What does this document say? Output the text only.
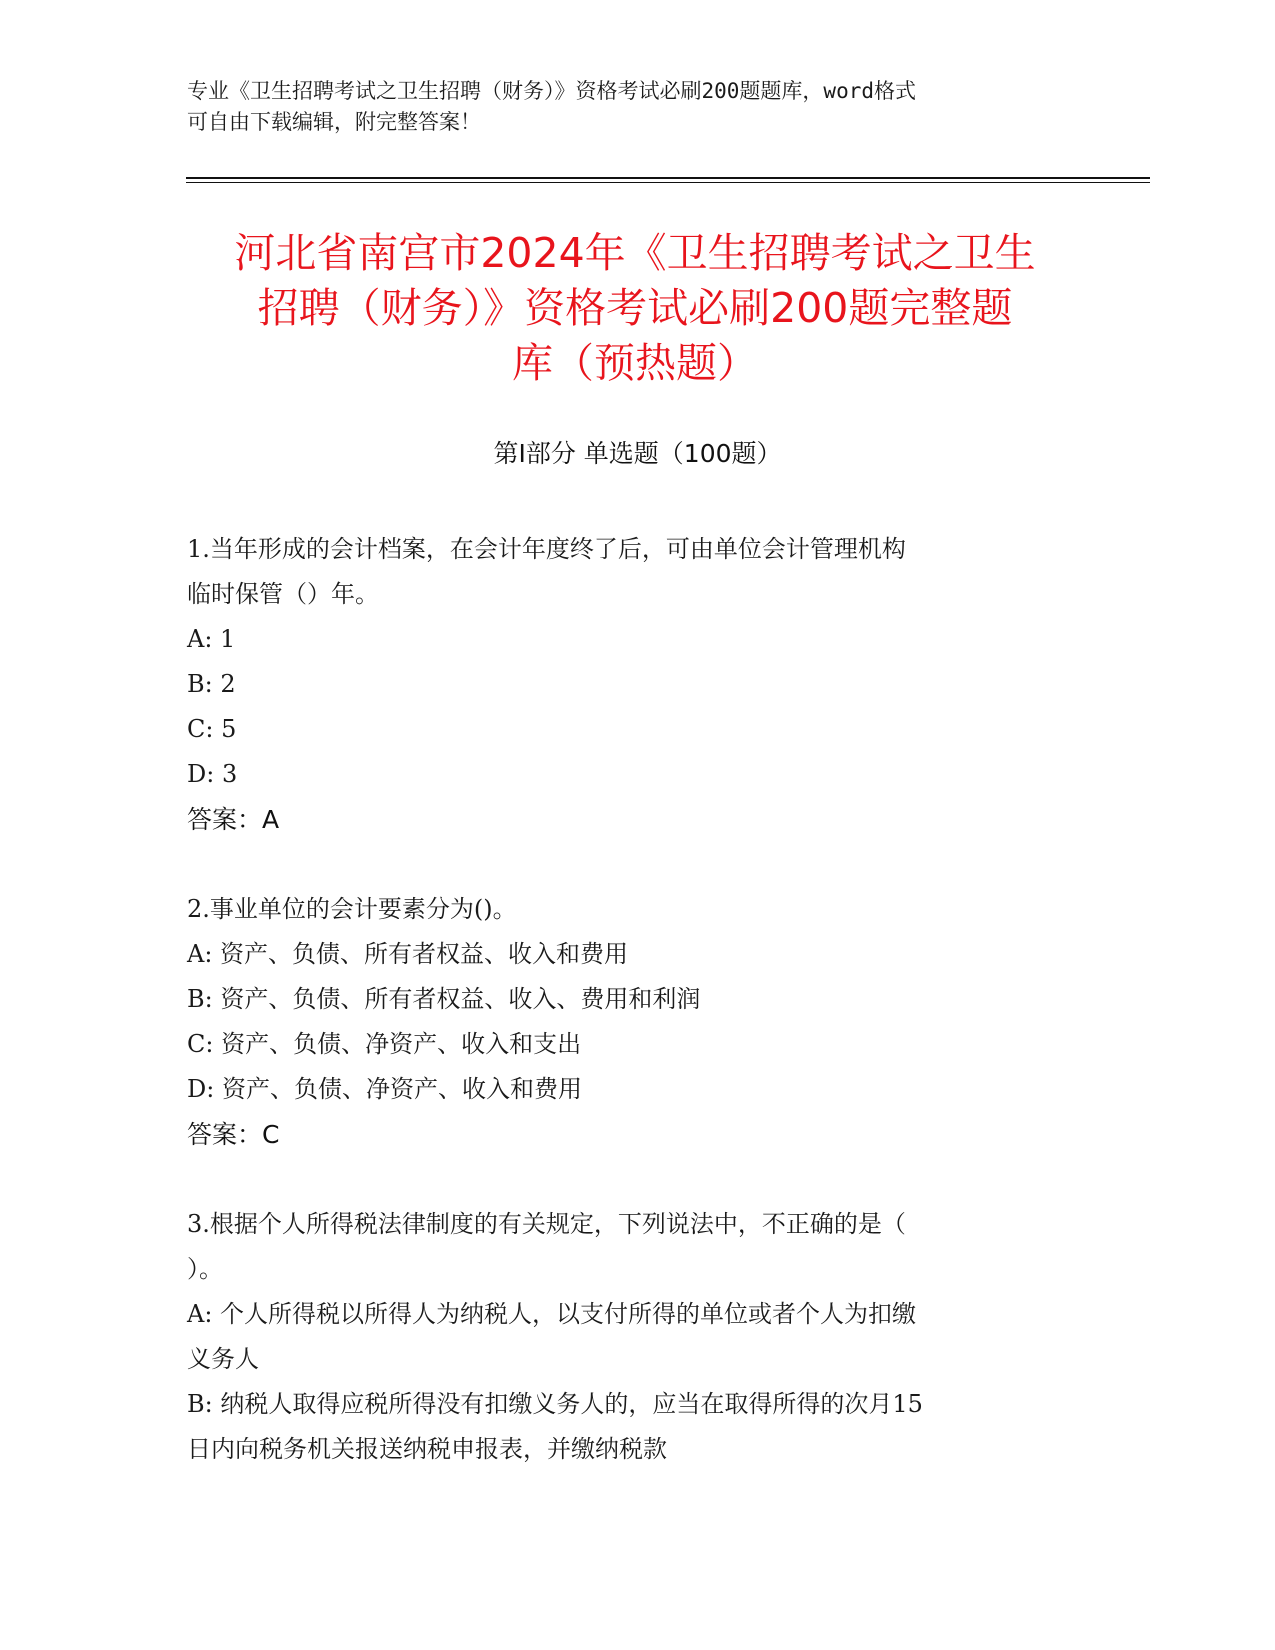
专业《卫生招聘考试之卫生招聘（财务）》资格考试必刷200题题库，word格式
可自由下载编辑，附完整答案！
河北省南宫市2024年《卫生招聘考试之卫生
招聘（财务）》资格考试必刷200题完整题
库（预热题）
第Ⅰ部分 单选题（100题）
1.当年形成的会计档案，在会计年度终了后，可由单位会计管理机构
临时保管（）年。
A: 1
B: 2
C: 5
D: 3
答案：A
2.事业单位的会计要素分为()。
A: 资产、负债、所有者权益、收入和费用
B: 资产、负债、所有者权益、收入、费用和利润
C: 资产、负债、净资产、收入和支出
D: 资产、负债、净资产、收入和费用
答案：C
3.根据个人所得税法律制度的有关规定，下列说法中，不正确的是（
）。
A: 个人所得税以所得人为纳税人，以支付所得的单位或者个人为扣缴
义务人
B: 纳税人取得应税所得没有扣缴义务人的，应当在取得所得的次月15
日内向税务机关报送纳税申报表，并缴纳税款
